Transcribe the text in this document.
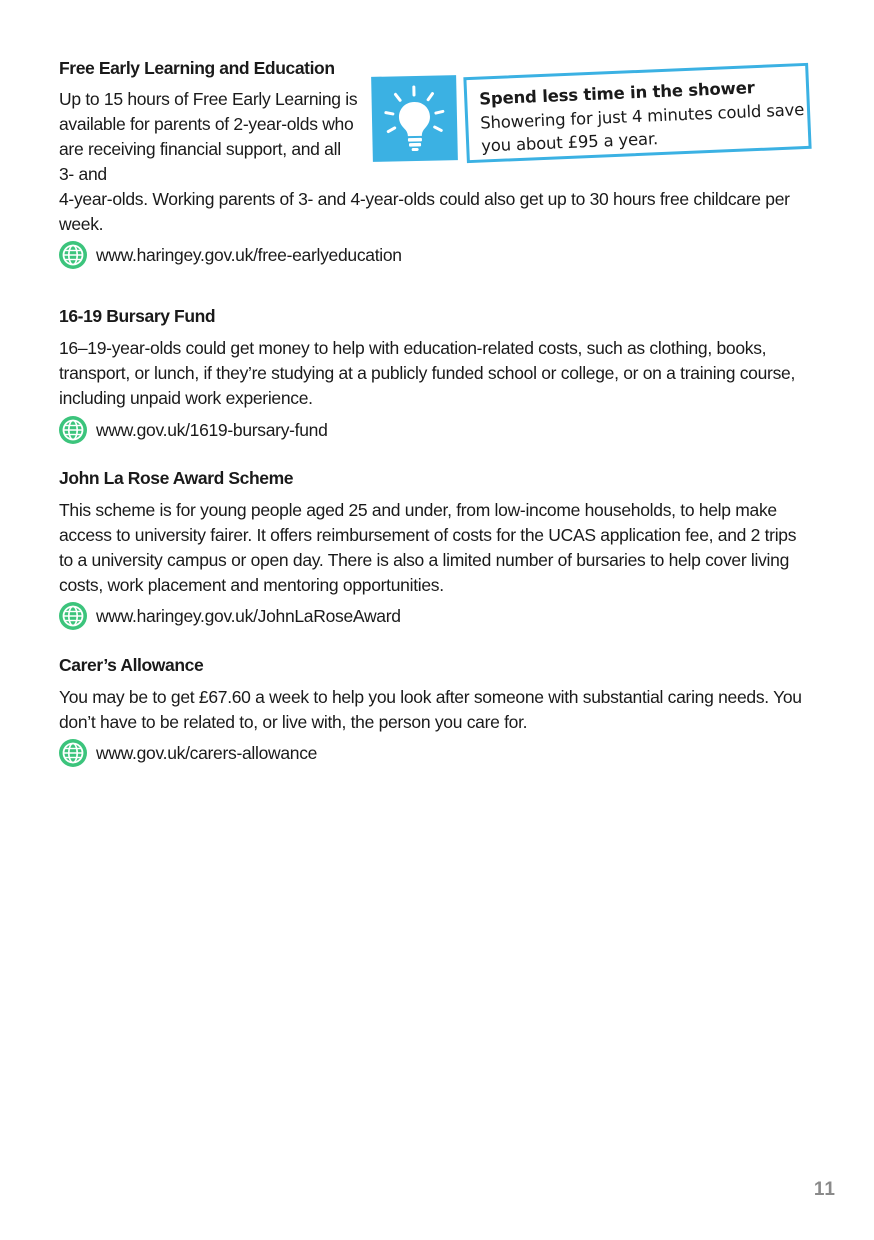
Free Early Learning and Education

Up to 15 hours of Free Early Learning is available for parents of 2-year-olds who are receiving financial support, and all 3- and

4-year-olds. Working parents of 3- and 4-year-olds could also get up to 30 hours free childcare per week.

www.haringey.gov.uk/free-earlyeducation
Spend less time in the shower
Showering for just 4 minutes could save you about £95 a year.
16-19 Bursary Fund

16–19-year-olds could get money to help with education-related costs, such as clothing, books, transport, or lunch, if they’re studying at a publicly funded school or college, or on a training course, including unpaid work experience.

www.gov.uk/1619-bursary-fund
John La Rose Award Scheme

This scheme is for young people aged 25 and under, from low-income households, to help make access to university fairer. It offers reimbursement of costs for the UCAS application fee, and 2 trips to a university campus or open day. There is also a limited number of bursaries to help cover living costs, work placement and mentoring opportunities.

www.haringey.gov.uk/JohnLaRoseAward
Carer’s Allowance

You may be to get £67.60 a week to help you look after someone with substantial caring needs. You don’t have to be related to, or live with, the person you care for.

www.gov.uk/carers-allowance
11
